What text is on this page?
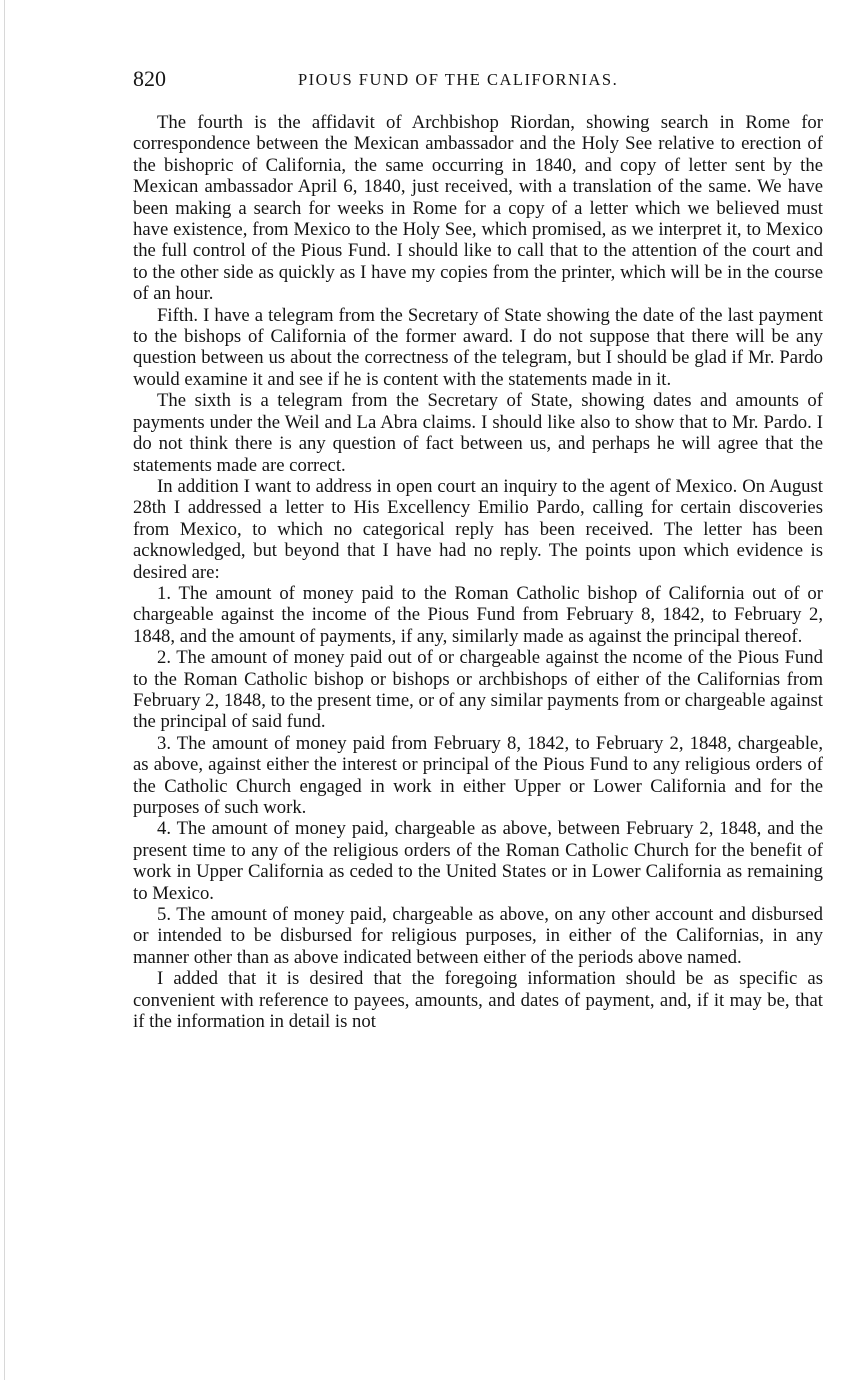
820	PIOUS FUND OF THE CALIFORNIAS.

The fourth is the affidavit of Archbishop Riordan, showing search in Rome for correspondence between the Mexican ambassador and the Holy See relative to erection of the bishopric of California, the same occurring in 1840, and copy of letter sent by the Mexican ambassador April 6, 1840, just received, with a translation of the same. We have been making a search for weeks in Rome for a copy of a letter which we believed must have existence, from Mexico to the Holy See, which promised, as we interpret it, to Mexico the full control of the Pious Fund. I should like to call that to the attention of the court and to the other side as quickly as I have my copies from the printer, which will be in the course of an hour.

Fifth. I have a telegram from the Secretary of State showing the date of the last payment to the bishops of California of the former award. I do not suppose that there will be any question between us about the correctness of the telegram, but I should be glad if Mr. Pardo would examine it and see if he is content with the statements made in it.

The sixth is a telegram from the Secretary of State, showing dates and amounts of payments under the Weil and La Abra claims. I should like also to show that to Mr. Pardo. I do not think there is any question of fact between us, and perhaps he will agree that the statements made are correct.

In addition I want to address in open court an inquiry to the agent of Mexico. On August 28th I addressed a letter to His Excellency Emilio Pardo, calling for certain discoveries from Mexico, to which no categorical reply has been received. The letter has been acknowledged, but beyond that I have had no reply. The points upon which evidence is desired are:

1. The amount of money paid to the Roman Catholic bishop of California out of or chargeable against the income of the Pious Fund from February 8, 1842, to February 2, 1848, and the amount of payments, if any, similarly made as against the principal thereof.

2. The amount of money paid out of or chargeable against the ncome of the Pious Fund to the Roman Catholic bishop or bishops or archbishops of either of the Californias from February 2, 1848, to the present time, or of any similar payments from or chargeable against the principal of said fund.

3. The amount of money paid from February 8, 1842, to February 2, 1848, chargeable, as above, against either the interest or principal of the Pious Fund to any religious orders of the Catholic Church engaged in work in either Upper or Lower California and for the purposes of such work.

4. The amount of money paid, chargeable as above, between February 2, 1848, and the present time to any of the religious orders of the Roman Catholic Church for the benefit of work in Upper California as ceded to the United States or in Lower California as remaining to Mexico.

5. The amount of money paid, chargeable as above, on any other account and disbursed or intended to be disbursed for religious purposes, in either of the Californias, in any manner other than as above indicated between either of the periods above named.

I added that it is desired that the foregoing information should be as specific as convenient with reference to payees, amounts, and dates of payment, and, if it may be, that if the information in detail is not
